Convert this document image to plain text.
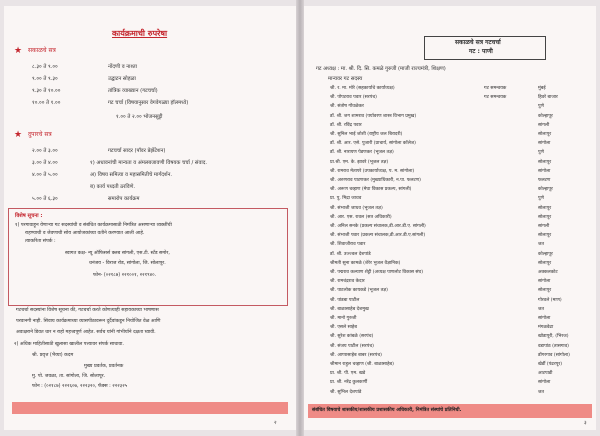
कार्यक्रमाची रुपरेषा
★ सकाळचे सत्र
८.३० ते ९.००	नोंदणी व नाश्ता
९.०० ते ९.३०	उद्घाटन सोहळा
९.३० ते १०.००	तांत्रिक व्याख्यान (गटचर्चा)
१०.०० ते १.००	गट चर्चा (विषयानुसार वेगवेगळ्या हॉलमध्ये)
१.०० ते २.०० भोजनसुट्टी
★ दुपारचे सत्र
२.०० ते ३.००	गटचर्चा सादर (पॉवर प्रेझेंटेशन)
३.०० ते ४.००	१) अधावनांची मान्यता व अंमलबजावणी विषयक चर्चा / संवाद.
४.०० ते ५.००	अ) विषय समित्या व महासमितीचे मार्गदर्शन.
ब) कार्य पध्दती ठरविणे.
५.०० ते ६.३०	समारोप कार्यक्रम
विशेष सूचना :
१) परगावाहून येणाऱ्या गट सदस्यांची व संबंधित कार्यक्रमासाठी निमंत्रित असणाऱ्या व्यक्तींची
राहण्याची व जेवणाची सोय आयोजकांच्या वतीने करण्यात आली आहे.
त्याकरिता संपर्क :
स्वागत कक्ष- न्यू ऑफिसर्स क्लब सांगली, एस.टी. स्टँड समोर,
धनंजय - विराज रोड, सांगोला, जि. सोलापूर.
फोन- (०२१८७) २२१००१, २२१९४०.
गटचर्चा सदस्यांना विशेष सूचना की, गटचर्चा करते कोणत्याही सहायकाच्या भाषणास
परवानगी नाही. सिवाय कार्यक्रमाच्या व्यासपीठावरून दुर्दैवांकडून नियोजित वेळ आणि
अवाक्षराने डिवत धार न राहो महत्त्वपूर्ण आहेत. सर्वच यांनी गांभीर्याने दक्षता घ्यावी.
२) अधिक माहितीसाठी खुलासा खालील पत्त्यावर संपर्क साधावा.
श्री. प्रवृत्त (भैय्या) कदम
मुख्य प्रवर्तक, प्रवर्तनक
मु. पो. जवळा, ता. सांगोला, जि. सोलापूर.
फोन : (०२१८७) २२२६०७, २२२३२०, फॅक्स : २२२३२५
२
सकाळचे सत्र गटचर्चा
गट : पाणी
गट अध्यक्ष : मा. श्री. दि. सि. कमळे गुरुजी (माजी राज्यमंत्री, शिक्षण)
मान्यवर गट सदस्य
श्री. र. मा. मोरे (सहकार्याचे कार्याध्यक्ष)	गट समन्वयक	मुंबई
श्री. पोपटराव पवार (सरपंच)	गट समन्वयक	हिवरे बाजार
श्री. संतोष गोंधळेकर	पुणे
डॉ. श्री. जग शामराव (पर्यावरण शास्त्र विभाग प्रमुख)	कोल्हापूर
डॉ. श्री. रविंद्र पवार	सांगली
श्री. सुनिल भाई जोशी (राष्ट्रीय जल बिरादरी)	सोलापूर
डॉ. श्री. आर. एसे. पुजारी (प्राचार्य, सांगोला कॉलेज)	सांगोला
डॉ. श्री. नारायण पेडणकर (भूजल तज्ञ)	पुणे
प्रा.श्री. एम. के. झावरे (भूजल तज्ञ)	सोलापूर
श्री. रामराव मेतापरे (उपकार्याध्यक्ष, प. म. सांगोला)	सांगोला
श्री. अरुणराव पाटणकर (मुख्याधिकारी, न.पा. फलटण)	फलटण
श्री. अरूण चव्हाण (मेघा विकास प्रकल्प, सांगली)	कोल्हापूर
प्रा. पु. मिद्रा जाधव	पुणे
श्री. संभाजी जाधव (भूजल तज्ञ)	सोलापूर
श्री. आर. एस. रावल (सत्र अधिकारी)	सोलापूर
श्री. अनिल सनके (प्रकल्प संचालक,डी.आर.डी.ए. सांगली)	सांगली
श्री. संभाजी पवार (प्रकल्प संचालक,डी.आर.डी.ए.सांगली)	सोलापूर
श्री. शिवाजीराव पवार	जत
डॉ. श्री. उज्ज्वल देशपांडे	कोल्हापूर
श्रीमती सुना कामळे (शेरेर भुजल वैज्ञानिक)	सोलापूर
श्री. पद्मराव कल्याण शेट्टी (अध्यक्ष पाणलोट विकास संघ)	अक्कलकोट
श्री. रामचंद्रराव केदार	सांगोला
श्री. पाटलोक कायकडे (भूजल तज्ञ)	सोलापूर
श्री. पांडबा पाटील	गोरवले (माण)
श्री. बाळासाहेब देशमुख	जत
श्री. मानो गुरुजी	सांगोला
श्री. एसले साहेब	मंगळवेढा
श्री. सुरेश कांबळे (सरपंच)	खोडापूरी, (भिरज)
श्री. संजय पाटील (सरपंच)	वडापांठ (तासगाव)
श्री. आप्पासाहेब बाबर (सरपंच)	डोंगरगाव (सांगोला)
श्रीमान राहुल चव्हाण (श्री. बाळासाहेब)	खेर्डी (पंढरपूर)
प्रा. श्री. पी. एम. खडे	आटपाडी
प्रा. श्री. नरेंद्र कुलकर्णी	सांगोला
श्री. सुभिल देशपांडे	जत
संबंधित विषयाचे शासकीय/शासकीय प्रशासकीय अधिकारी, निमंत्रित संस्थांचे प्रतिनिधी.
३
